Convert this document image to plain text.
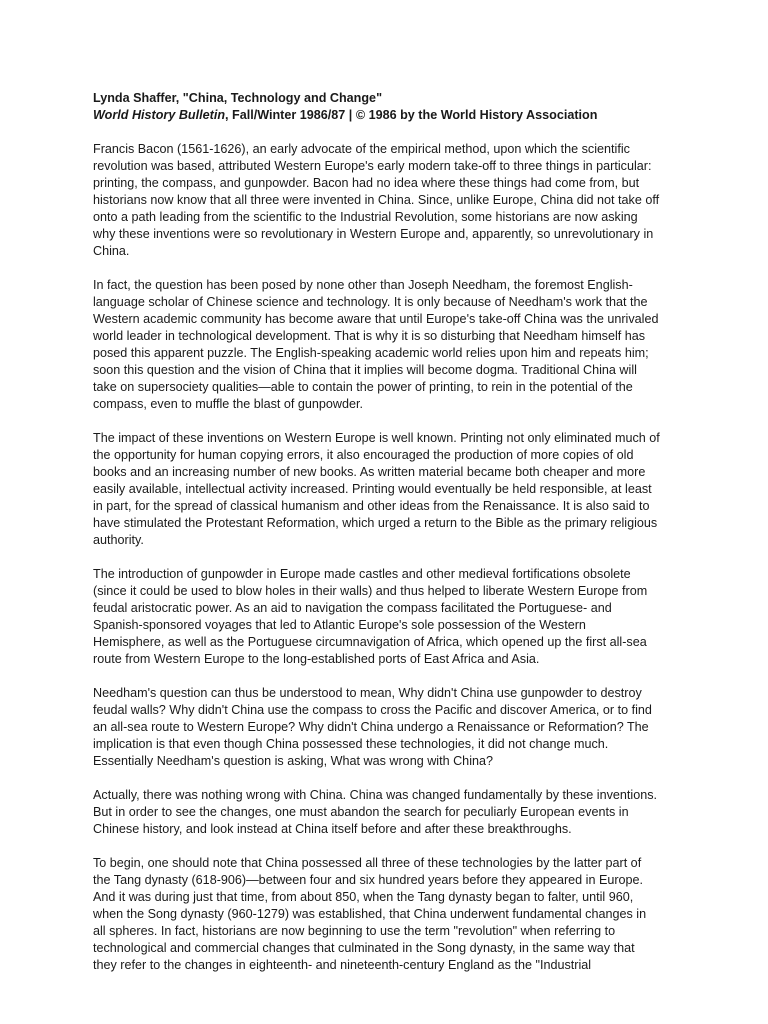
Lynda Shaffer, "China, Technology and Change"
World History Bulletin, Fall/Winter 1986/87 | © 1986 by the World History Association
Francis Bacon (1561-1626), an early advocate of the empirical method, upon which the scientific
revolution was based, attributed Western Europe's early modern take-off to three things in particular:
printing, the compass, and gunpowder. Bacon had no idea where these things had come from, but
historians now know that all three were invented in China. Since, unlike Europe, China did not take off
onto a path leading from the scientific to the Industrial Revolution, some historians are now asking
why these inventions were so revolutionary in Western Europe and, apparently, so unrevolutionary in
China.
In fact, the question has been posed by none other than Joseph Needham, the foremost English-
language scholar of Chinese science and technology. It is only because of Needham's work that the
Western academic community has become aware that until Europe's take-off China was the unrivaled
world leader in technological development. That is why it is so disturbing that Needham himself has
posed this apparent puzzle. The English-speaking academic world relies upon him and repeats him;
soon this question and the vision of China that it implies will become dogma. Traditional China will
take on supersociety qualities—able to contain the power of printing, to rein in the potential of the
compass, even to muffle the blast of gunpowder.
The impact of these inventions on Western Europe is well known. Printing not only eliminated much of
the opportunity for human copying errors, it also encouraged the production of more copies of old
books and an increasing number of new books. As written material became both cheaper and more
easily available, intellectual activity increased. Printing would eventually be held responsible, at least
in part, for the spread of classical humanism and other ideas from the Renaissance. It is also said to
have stimulated the Protestant Reformation, which urged a return to the Bible as the primary religious
authority.
The introduction of gunpowder in Europe made castles and other medieval fortifications obsolete
(since it could be used to blow holes in their walls) and thus helped to liberate Western Europe from
feudal aristocratic power. As an aid to navigation the compass facilitated the Portuguese- and
Spanish-sponsored voyages that led to Atlantic Europe's sole possession of the Western
Hemisphere, as well as the Portuguese circumnavigation of Africa, which opened up the first all-sea
route from Western Europe to the long-established ports of East Africa and Asia.
Needham's question can thus be understood to mean, Why didn't China use gunpowder to destroy
feudal walls? Why didn't China use the compass to cross the Pacific and discover America, or to find
an all-sea route to Western Europe? Why didn't China undergo a Renaissance or Reformation? The
implication is that even though China possessed these technologies, it did not change much.
Essentially Needham's question is asking, What was wrong with China?
Actually, there was nothing wrong with China. China was changed fundamentally by these inventions.
But in order to see the changes, one must abandon the search for peculiarly European events in
Chinese history, and look instead at China itself before and after these breakthroughs.
To begin, one should note that China possessed all three of these technologies by the latter part of
the Tang dynasty (618-906)—between four and six hundred years before they appeared in Europe.
And it was during just that time, from about 850, when the Tang dynasty began to falter, until 960,
when the Song dynasty (960-1279) was established, that China underwent fundamental changes in
all spheres. In fact, historians are now beginning to use the term "revolution" when referring to
technological and commercial changes that culminated in the Song dynasty, in the same way that
they refer to the changes in eighteenth- and nineteenth-century England as the "Industrial
